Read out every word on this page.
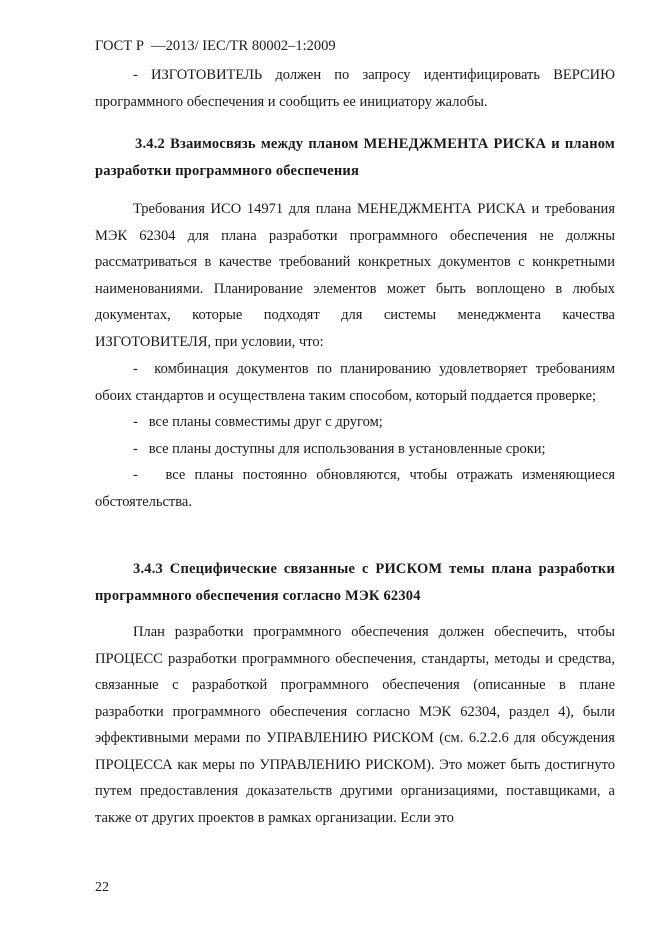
ГОСТ Р  —2013/ IEC/TR 80002–1:2009

- ИЗГОТОВИТЕЛЬ должен по запросу идентифицировать ВЕРСИЮ программного обеспечения и сообщить ее инициатору жалобы.

3.4.2 Взаимосвязь между планом МЕНЕДЖМЕНТА РИСКА и планом разработки программного обеспечения

Требования ИСО 14971 для плана МЕНЕДЖМЕНТА РИСКА и требования МЭК 62304 для плана разработки программного обеспечения не должны рассматриваться в качестве требований конкретных документов с конкретными наименованиями. Планирование элементов может быть воплощено в любых документах, которые подходят для системы менеджмента качества ИЗГОТОВИТЕЛЯ, при условии, что:

- комбинация документов по планированию удовлетворяет требованиям обоих стандартов и осуществлена таким способом, который поддается проверке;

- все планы совместимы друг с другом;

- все планы доступны для использования в установленные сроки;

- все планы постоянно обновляются, чтобы отражать изменяющиеся обстоятельства.

3.4.3 Специфические связанные с РИСКОМ темы плана разработки программного обеспечения согласно МЭК 62304

План разработки программного обеспечения должен обеспечить, чтобы ПРОЦЕСС разработки программного обеспечения, стандарты, методы и средства, связанные с разработкой программного обеспечения (описанные в плане разработки программного обеспечения согласно МЭК 62304, раздел 4), были эффективными мерами по УПРАВЛЕНИЮ РИСКОМ (см. 6.2.2.6 для обсуждения ПРОЦЕССА как меры по УПРАВЛЕНИЮ РИСКОМ). Это может быть достигнуто путем предоставления доказательств другими организациями, поставщиками, а также от других проектов в рамках организации. Если это

22
